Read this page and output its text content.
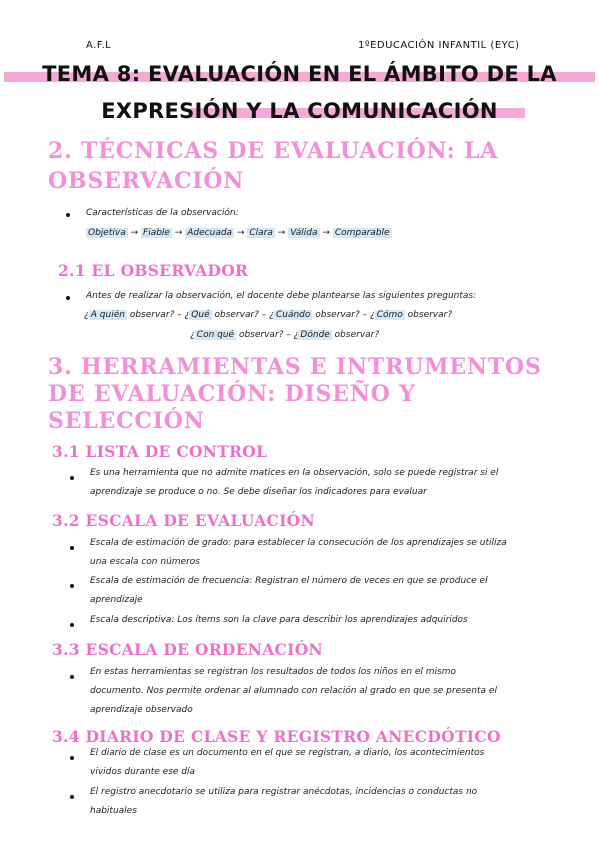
A.F.L	1ºEDUCACIÓN INFANTIL (EYC)
TEMA 8: EVALUACIÓN EN EL ÁMBITO DE LA
EXPRESIÓN Y LA COMUNICACIÓN
2. TÉCNICAS DE EVALUACIÓN: LA
OBSERVACIÓN
Características de la observación:
Objetiva → Fiable → Adecuada → Clara → Válida → Comparable
2.1 EL OBSERVADOR
Antes de realizar la observación, el docente debe plantearse las siguientes preguntas:
¿ A quién observar? – ¿ Qué observar? – ¿ Cuándo observar? – ¿ Cómo observar?
¿ Con qué observar? – ¿ Dónde observar?
3. HERRAMIENTAS E INTRUMENTOS
DE EVALUACIÓN: DISEÑO Y
SELECCIÓN
3.1 LISTA DE CONTROL
Es una herramienta que no admite matices en la observación, solo se puede registrar si el
aprendizaje se produce o no. Se debe diseñar los indicadores para evaluar
3.2 ESCALA DE EVALUACIÓN
Escala de estimación de grado: para establecer la consecución de los aprendizajes se utiliza
una escala con números
Escala de estimación de frecuencia: Registran el número de veces en que se produce el
aprendizaje
Escala descriptiva: Los ítems son la clave para describir los aprendizajes adquiridos
3.3 ESCALA DE ORDENACIÓN
En estas herramientas se registran los resultados de todos los niños en el mismo
documento. Nos permite ordenar al alumnado con relación al grado en que se presenta el
aprendizaje observado
3.4 DIARIO DE CLASE Y REGISTRO ANECDÓTICO
El diario de clase es un documento en el que se registran, a diario, los acontecimientos
vividos durante ese día
El registro anecdotario se utiliza para registrar anécdotas, incidencias o conductas no
habituales
